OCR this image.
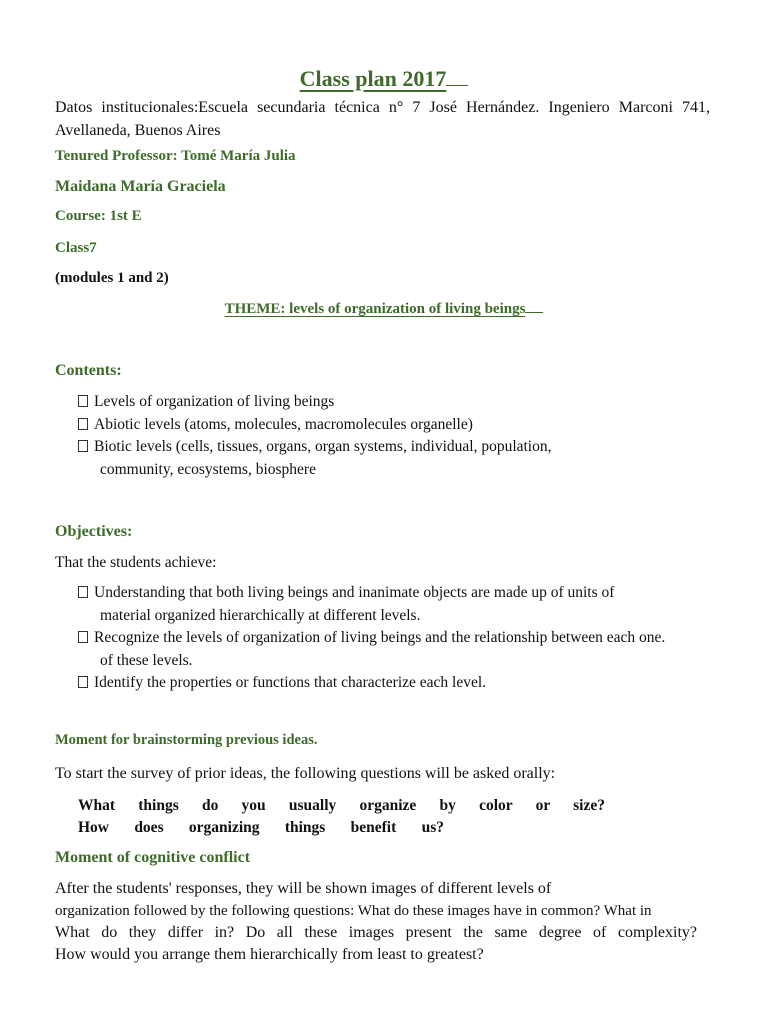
Class plan 2017
Datos institucionales:Escuela secundaria técnica n° 7 José Hernández. Ingeniero Marconi 741, Avellaneda, Buenos Aires
Tenured Professor: Tomé María Julia
Maidana María Graciela
Course: 1st E
Class7
(modules 1 and 2)
THEME: levels of organization of living beings
Contents:
Levels of organization of living beings
Abiotic levels (atoms, molecules, macromolecules organelle)
Biotic levels (cells, tissues, organs, organ systems, individual, population,
community, ecosystems, biosphere
Objectives:
That the students achieve:
Understanding that both living beings and inanimate objects are made up of units of
material organized hierarchically at different levels.
Recognize the levels of organization of living beings and the relationship between each one.
of these levels.
Identify the properties or functions that characterize each level.
Moment for brainstorming previous ideas.
To start the survey of prior ideas, the following questions will be asked orally:
What things do you usually organize by color or size?
How does organizing things benefit us?
Moment of cognitive conflict
After the students' responses, they will be shown images of different levels of
organization followed by the following questions: What do these images have in common? What in
What do they differ in? Do all these images present the same degree of complexity?
How would you arrange them hierarchically from least to greatest?
